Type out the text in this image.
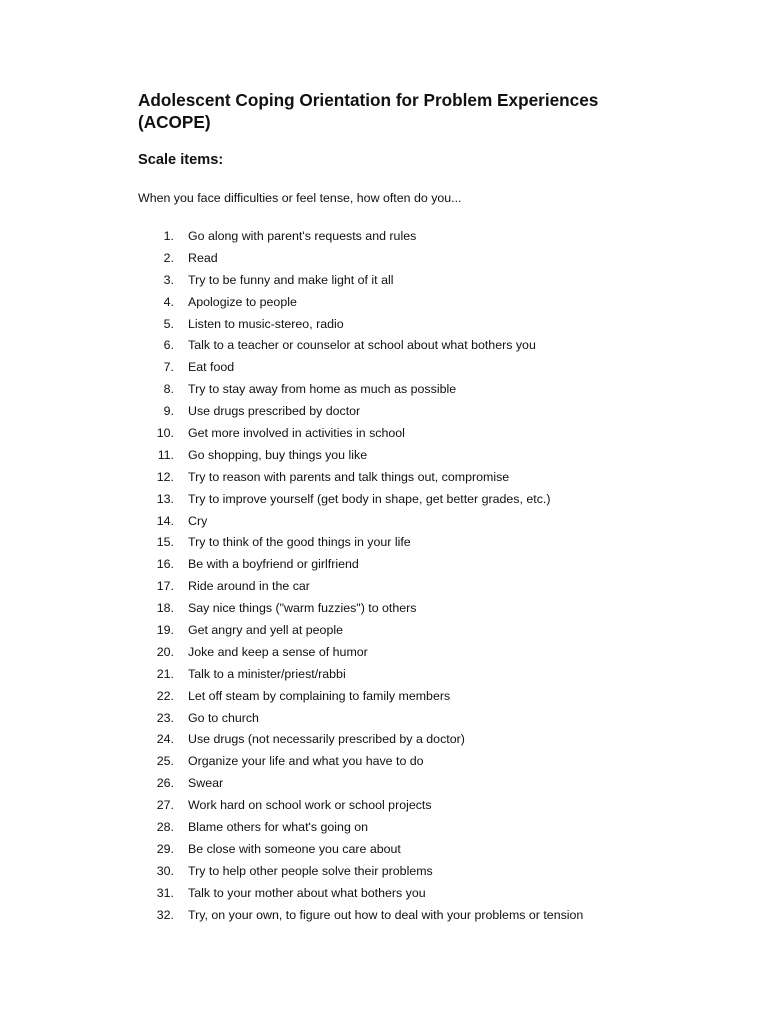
Adolescent Coping Orientation for Problem Experiences (ACOPE)
Scale items:

When you face difficulties or feel tense, how often do you...

1. Go along with parent's requests and rules
2. Read
3. Try to be funny and make light of it all
4. Apologize to people
5. Listen to music-stereo, radio
6. Talk to a teacher or counselor at school about what bothers you
7. Eat food
8. Try to stay away from home as much as possible
9. Use drugs prescribed by doctor
10. Get more involved in activities in school
11. Go shopping, buy things you like
12. Try to reason with parents and talk things out, compromise
13. Try to improve yourself (get body in shape, get better grades, etc.)
14. Cry
15. Try to think of the good things in your life
16. Be with a boyfriend or girlfriend
17. Ride around in the car
18. Say nice things ("warm fuzzies") to others
19. Get angry and yell at people
20. Joke and keep a sense of humor
21. Talk to a minister/priest/rabbi
22. Let off steam by complaining to family members
23. Go to church
24. Use drugs (not necessarily prescribed by a doctor)
25. Organize your life and what you have to do
26. Swear
27. Work hard on school work or school projects
28. Blame others for what's going on
29. Be close with someone you care about
30. Try to help other people solve their problems
31. Talk to your mother about what bothers you
32. Try, on your own, to figure out how to deal with your problems or tension
